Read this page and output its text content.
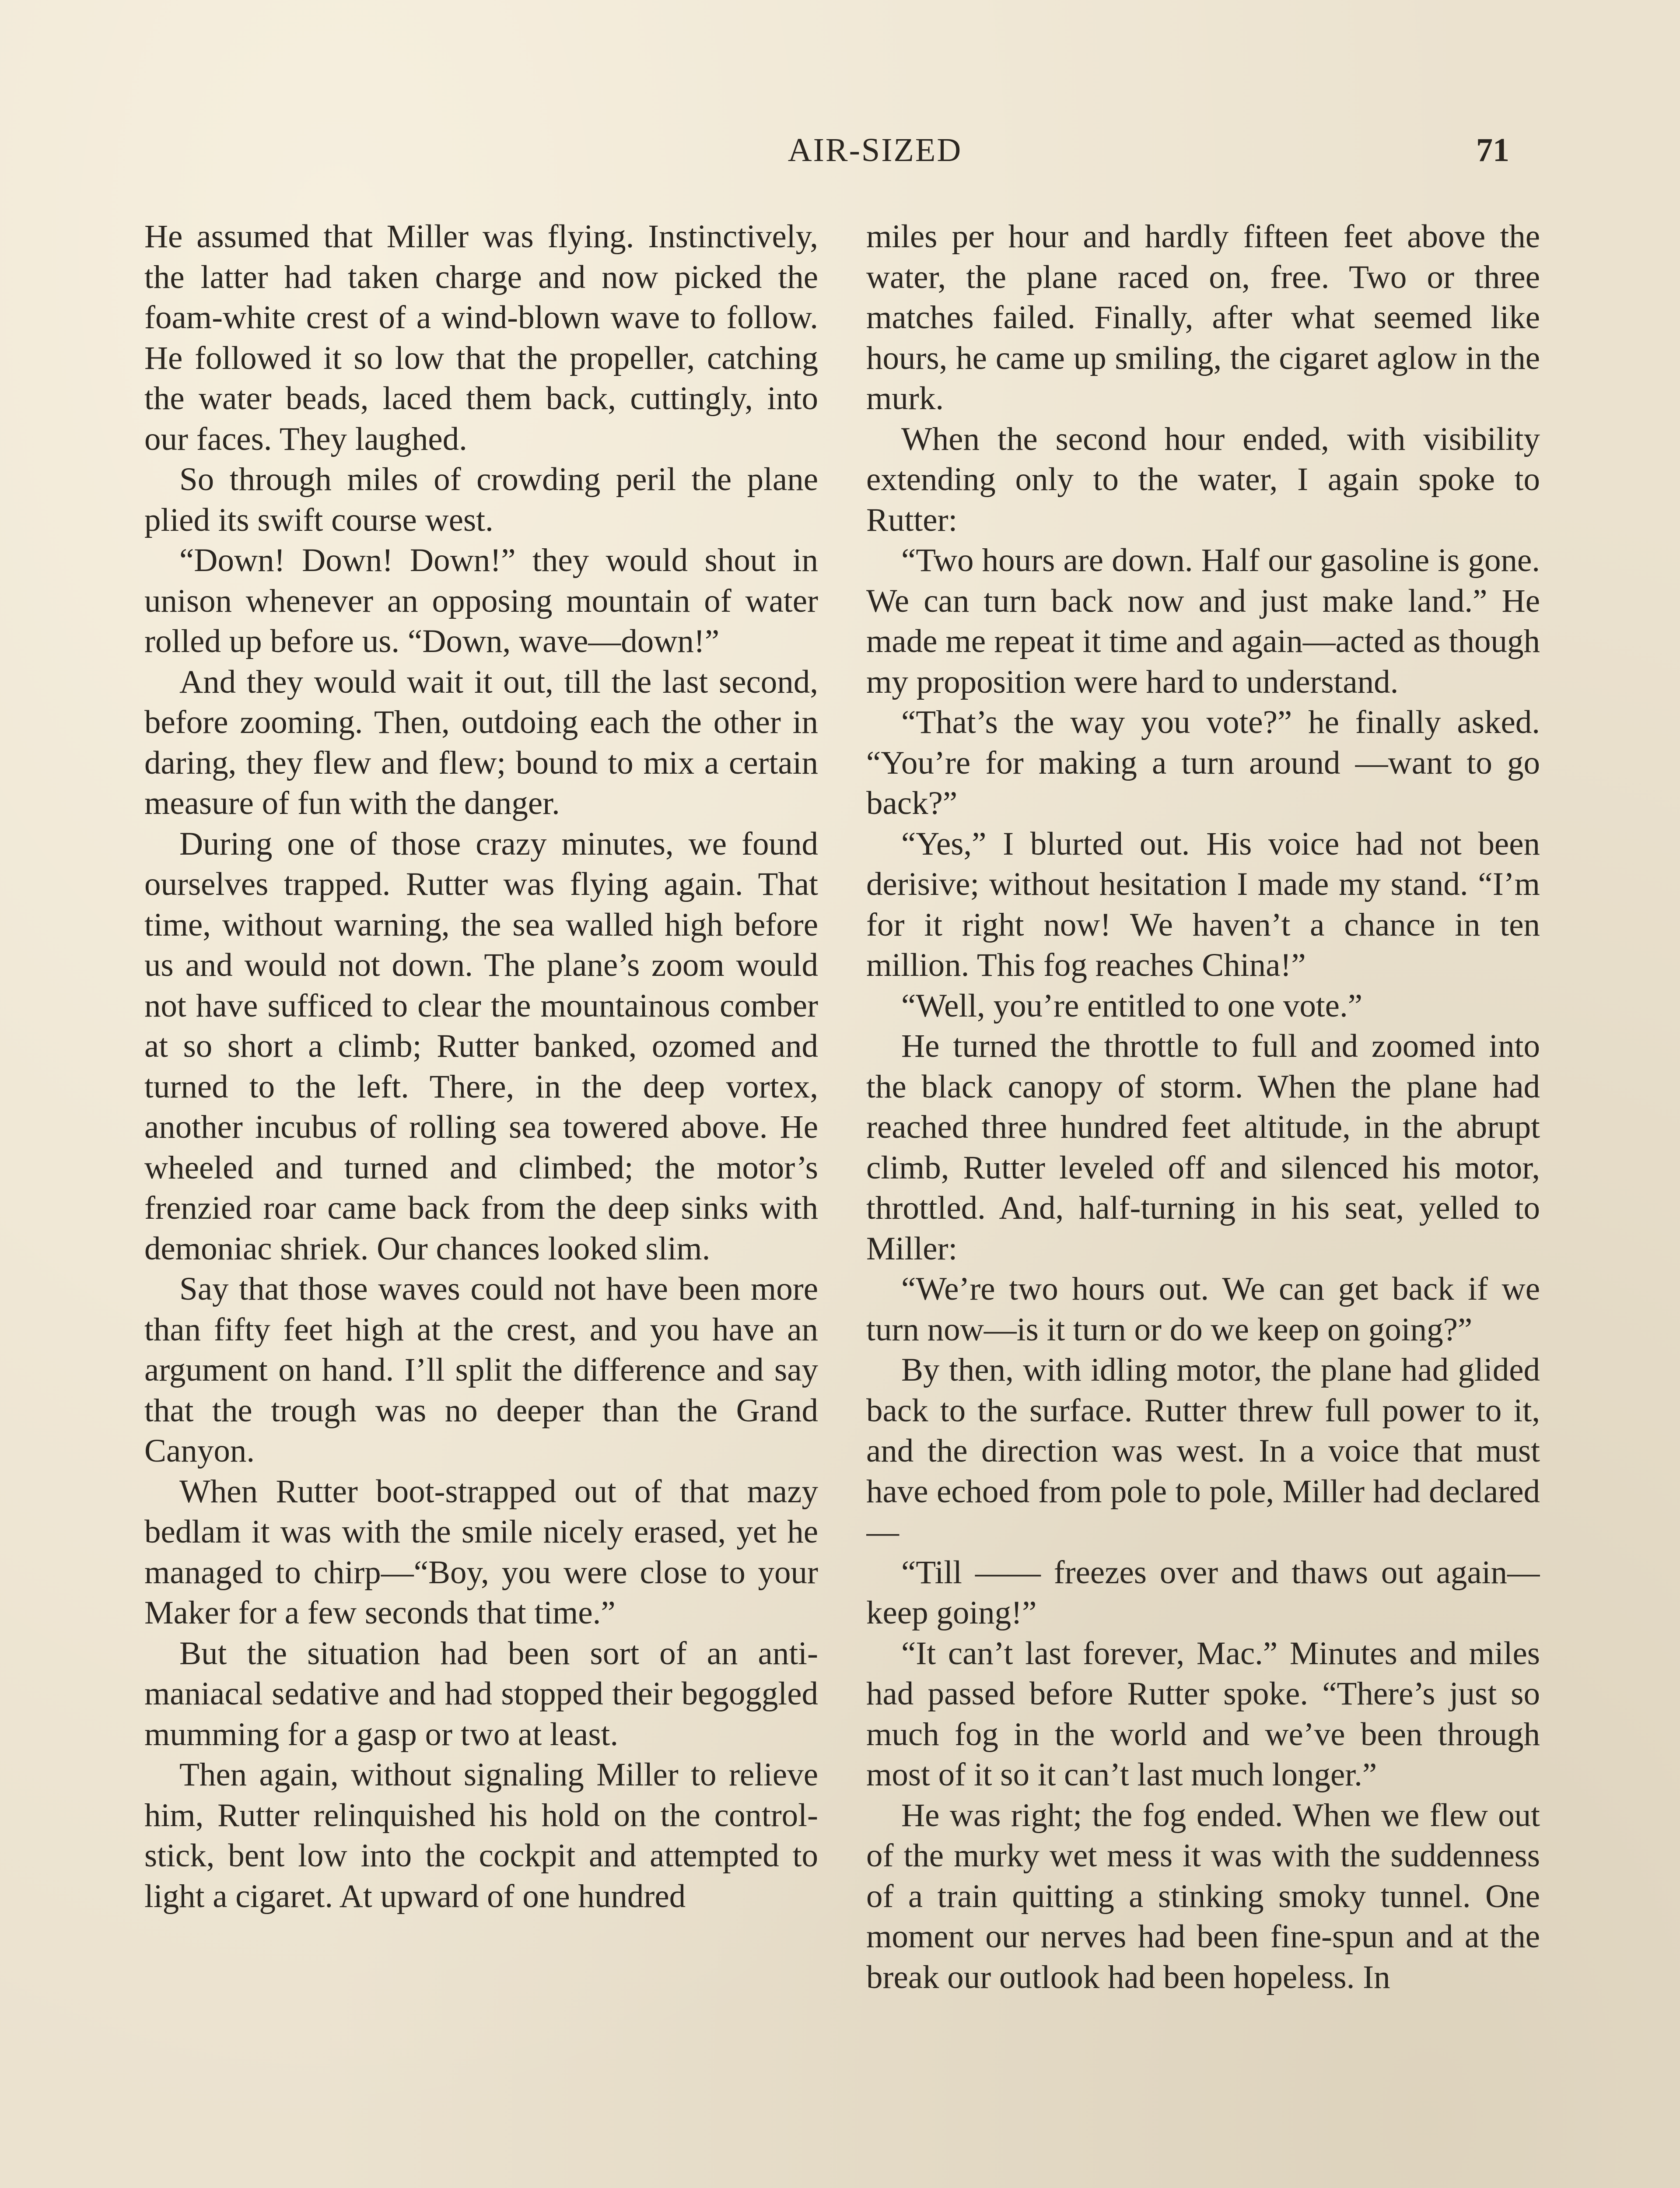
AIR-SIZED	71

He assumed that Miller was flying. Instinctively, the latter had taken charge and now picked the foam-white crest of a wind-blown wave to follow. He followed it so low that the propeller, catching the water beads, laced them back, cuttingly, into our faces. They laughed.

So through miles of crowding peril the plane plied its swift course west.

“Down! Down! Down!” they would shout in unison whenever an opposing mountain of water rolled up before us. “Down, wave—down!”

And they would wait it out, till the last second, before zooming. Then, outdoing each the other in daring, they flew and flew; bound to mix a certain measure of fun with the danger.

During one of those crazy minutes, we found ourselves trapped. Rutter was flying again. That time, without warning, the sea walled high before us and would not down. The plane’s zoom would not have sufficed to clear the mountainous comber at so short a climb; Rutter banked, ozomed and turned to the left. There, in the deep vortex, another incubus of rolling sea towered above. He wheeled and turned and climbed; the motor’s frenzied roar came back from the deep sinks with demoniac shriek. Our chances looked slim.

Say that those waves could not have been more than fifty feet high at the crest, and you have an argument on hand. I’ll split the difference and say that the trough was no deeper than the Grand Canyon.

When Rutter boot-strapped out of that mazy bedlam it was with the smile nicely erased, yet he managed to chirp—“Boy, you were close to your Maker for a few seconds that time.”

But the situation had been sort of an anti-maniacal sedative and had stopped their begoggled mumming for a gasp or two at least.

Then again, without signaling Miller to relieve him, Rutter relinquished his hold on the control-stick, bent low into the cockpit and attempted to light a cigaret. At upward of one hundred

miles per hour and hardly fifteen feet above the water, the plane raced on, free. Two or three matches failed. Finally, after what seemed like hours, he came up smiling, the cigaret aglow in the murk.

When the second hour ended, with visibility extending only to the water, I again spoke to Rutter:

“Two hours are down. Half our gasoline is gone. We can turn back now and just make land.” He made me repeat it time and again—acted as though my proposition were hard to understand.

“That’s the way you vote?” he finally asked. “You’re for making a turn around —want to go back?”

“Yes,” I blurted out. His voice had not been derisive; without hesitation I made my stand. “I’m for it right now! We haven’t a chance in ten million. This fog reaches China!”

“Well, you’re entitled to one vote.”

He turned the throttle to full and zoomed into the black canopy of storm. When the plane had reached three hundred feet altitude, in the abrupt climb, Rutter leveled off and silenced his motor, throttled. And, half-turning in his seat, yelled to Miller:

“We’re two hours out. We can get back if we turn now—is it turn or do we keep on going?”

By then, with idling motor, the plane had glided back to the surface. Rutter threw full power to it, and the direction was west. In a voice that must have echoed from pole to pole, Miller had declared—

“Till —— freezes over and thaws out again—keep going!”

“It can’t last forever, Mac.” Minutes and miles had passed before Rutter spoke. “There’s just so much fog in the world and we’ve been through most of it so it can’t last much longer.”

He was right; the fog ended. When we flew out of the murky wet mess it was with the suddenness of a train quitting a stinking smoky tunnel. One moment our nerves had been fine-spun and at the break our outlook had been hopeless. In
